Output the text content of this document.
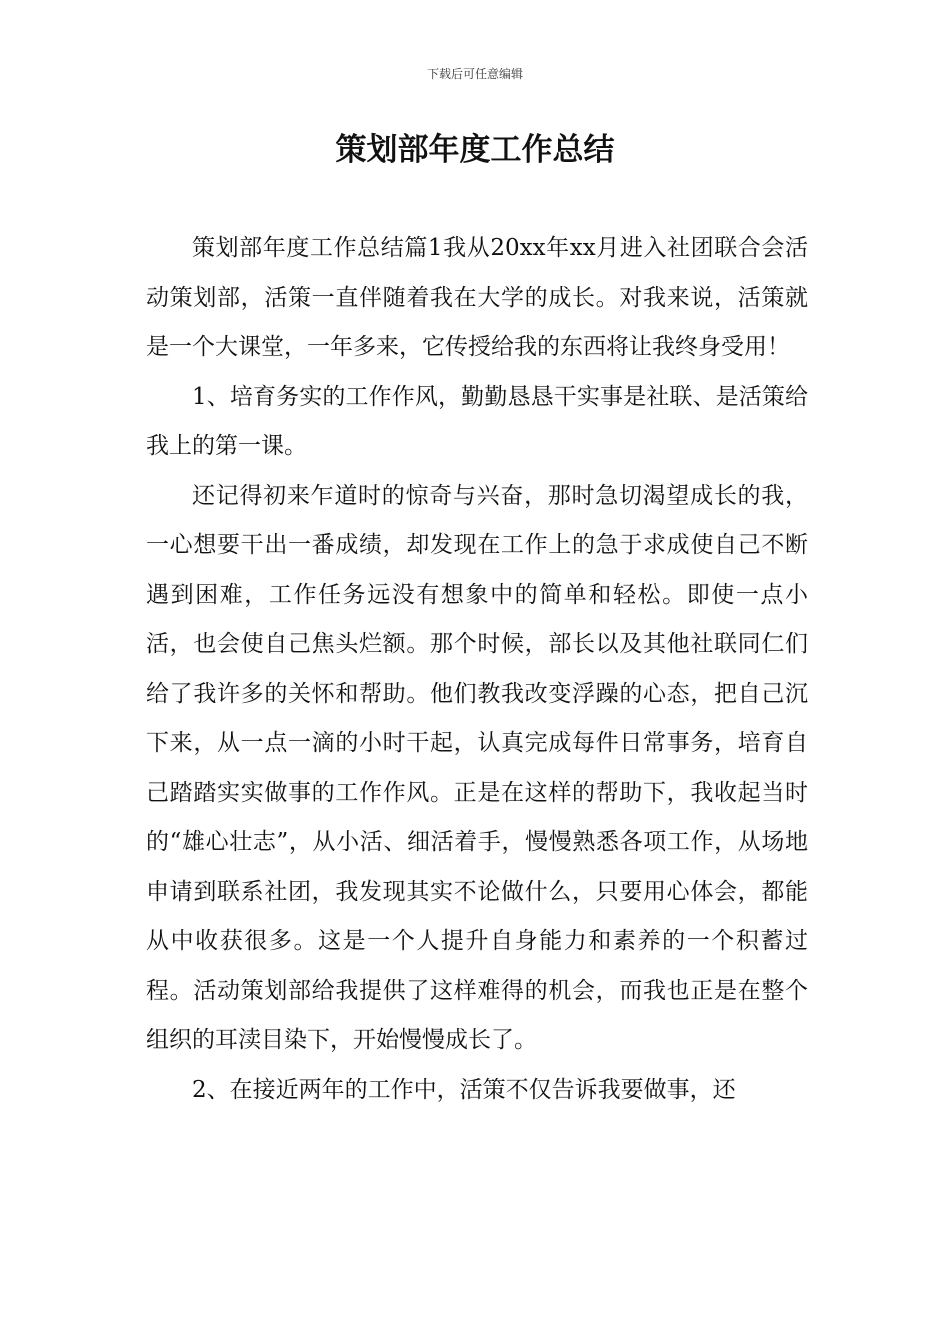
下载后可任意编辑
策划部年度工作总结

策划部年度工作总结篇1我从20xx年xx月进入社团联合会活动策划部，活策一直伴随着我在大学的成长。对我来说，活策就是一个大课堂，一年多来，它传授给我的东西将让我终身受用！

1、培育务实的工作作风，勤勤恳恳干实事是社联、是活策给我上的第一课。

还记得初来乍道时的惊奇与兴奋，那时急切渴望成长的我，一心想要干出一番成绩，却发现在工作上的急于求成使自己不断遇到困难，工作任务远没有想象中的简单和轻松。即使一点小活，也会使自己焦头烂额。那个时候，部长以及其他社联同仁们给了我许多的关怀和帮助。他们教我改变浮躁的心态，把自己沉下来，从一点一滴的小时干起，认真完成每件日常事务，培育自己踏踏实实做事的工作作风。正是在这样的帮助下，我收起当时的“雄心壮志”，从小活、细活着手，慢慢熟悉各项工作，从场地申请到联系社团，我发现其实不论做什么，只要用心体会，都能从中收获很多。这是一个人提升自身能力和素养的一个积蓄过程。活动策划部给我提供了这样难得的机会，而我也正是在整个组织的耳渎目染下，开始慢慢成长了。

2、在接近两年的工作中，活策不仅告诉我要做事，还
